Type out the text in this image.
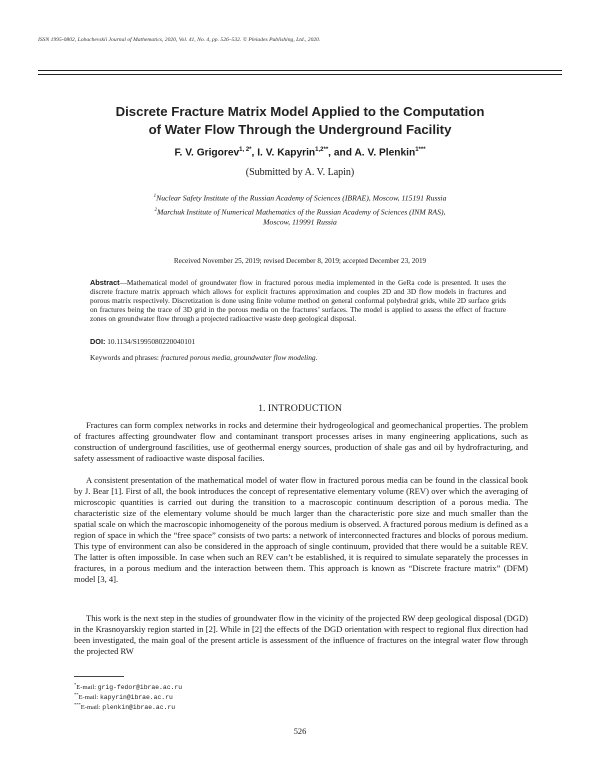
ISSN 1995-0802, Lobachevskii Journal of Mathematics, 2020, Vol. 41, No. 4, pp. 526–532. © Pleiades Publishing, Ltd., 2020.
Discrete Fracture Matrix Model Applied to the Computation
of Water Flow Through the Underground Facility
F. V. Grigorev$^{1, 2*}$, I. V. Kapyrin$^{1,2**}$, and A. V. Plenkin$^{1***}$
(Submitted by A. V. Lapin)
$^1$Nuclear Safety Institute of the Russian Academy of Sciences (IBRAE), Moscow, 115191 Russia
$^2$Marchuk Institute of Numerical Mathematics of the Russian Academy of Sciences (INM RAS),
Moscow, 119991 Russia
Received November 25, 2019; revised December 8, 2019; accepted December 23, 2019
Abstract—Mathematical model of groundwater flow in fractured porous media implemented in the GeRa code is presented. It uses the discrete fracture matrix approach which allows for explicit fractures approximation and couples 2D and 3D flow models in fractures and porous matrix respectively. Discretization is done using finite volume method on general conformal polyhedral grids, while 2D surface grids on fractures being the trace of 3D grid in the porous media on the fractures’ surfaces. The model is applied to assess the effect of fracture zones on groundwater flow through a projected radioactive waste deep geological disposal.
DOI: 10.1134/S1995080220040101
Keywords and phrases: fractured porous media, groundwater flow modeling.
1. INTRODUCTION

Fractures can form complex networks in rocks and determine their hydrogeological and geomechanical properties. The problem of fractures affecting groundwater flow and contaminant transport processes arises in many engineering applications, such as construction of underground fascilities, use of geothermal energy sources, production of shale gas and oil by hydrofracturing, and safety assessment of radioactive waste disposal facilies.

A consistent presentation of the mathematical model of water flow in fractured porous media can be found in the classical book by J. Bear [1]. First of all, the book introduces the concept of representative elementary volume (REV) over which the averaging of microscopic quantities is carried out during the transition to a macroscopic continuum description of a porous media. The characteristic size of the elementary volume should be much larger than the characteristic pore size and much smaller than the spatial scale on which the macroscopic inhomogeneity of the porous medium is observed. A fractured porous medium is defined as a region of space in which the “free space” consists of two parts: a network of interconnected fractures and blocks of porous medium. This type of environment can also be considered in the approach of single continuum, provided that there would be a suitable REV. The latter is often impossible. In case when such an REV can’t be established, it is required to simulate separately the processes in fractures, in a porous medium and the interaction between them. This approach is known as “Discrete fracture matrix” (DFM) model [3, 4].

This work is the next step in the studies of groundwater flow in the vicinity of the projected RW deep geological disposal (DGD) in the Krasnoyarskiy region started in [2]. While in [2] the effects of the DGD orientation with respect to regional flux direction had been investigated, the main goal of the present article is assessment of the influence of fractures on the integral water flow through the projected RW

*E-mail: grig-fedor@ibrae.ac.ru
**E-mail: kapyrin@ibrae.ac.ru
***E-mail: plenkin@ibrae.ac.ru
526
